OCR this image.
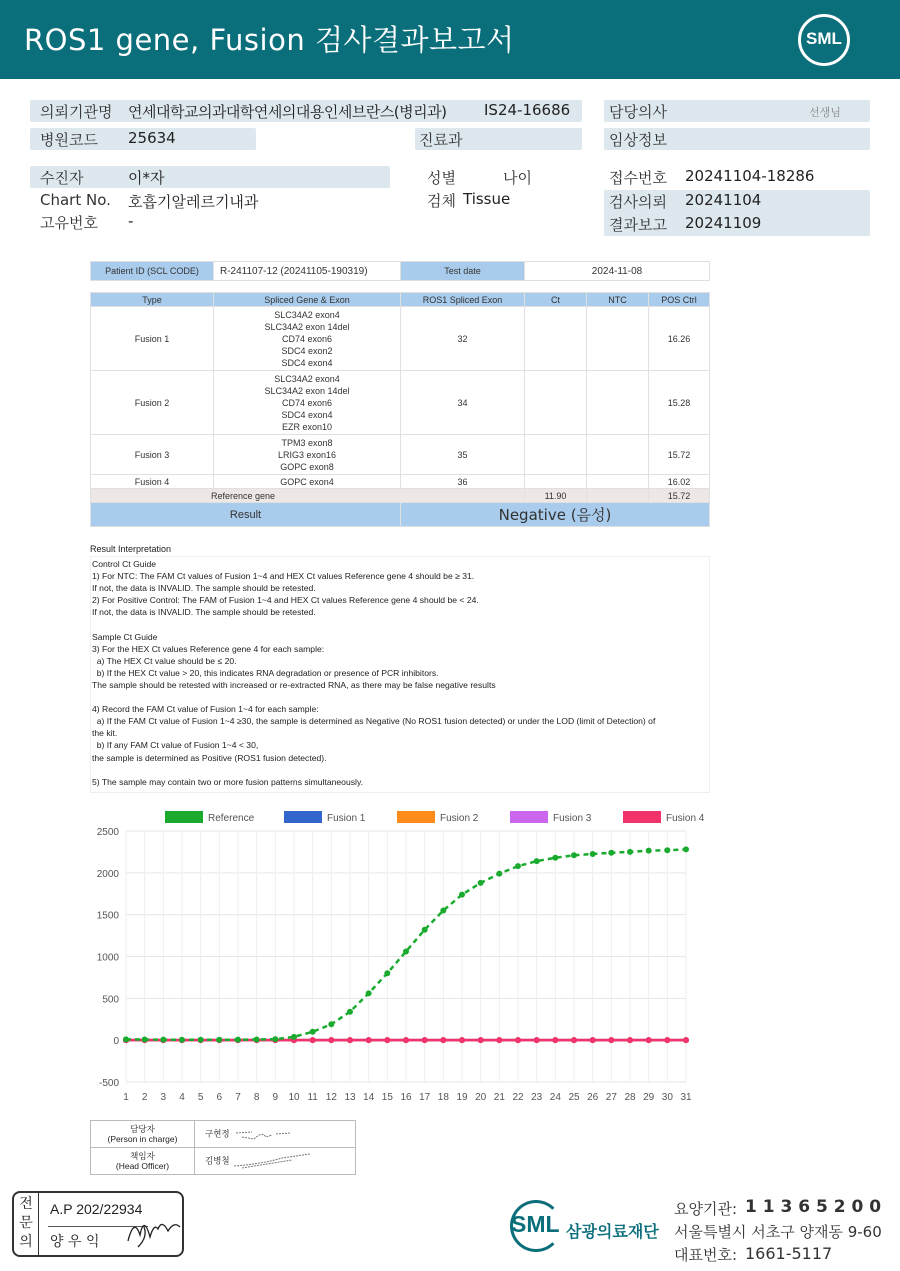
ROS1 gene, Fusion 검사결과보고서	SML
의뢰기관명 연세대학교의과대학연세의대용인세브란스(병리과)	IS24-16686	담당의사	선생님
병원코드 25634	진료과	임상정보
수진자	이*자	성별	나이	접수번호 20241104-18286
Chart No. 호흡기알레르기내과	검체 Tissue	검사의뢰 20241104
고유번호 -	결과보고 20241109
Patient ID (SCL CODE)	R-241107-12 (20241105-190319)	Test date	2024-11-08
Type	Spliced Gene & Exon	ROS1 Spliced Exon	Ct	NTC	POS Ctrl
Fusion 1	SLC34A2 exon4
SLC34A2 exon 14del
CD74 exon6
SDC4 exon2
SDC4 exon4	32			16.26
Fusion 2	SLC34A2 exon4
SLC34A2 exon 14del
CD74 exon6
SDC4 exon4
EZR exon10	34			15.28
Fusion 3	TPM3 exon8
LRIG3 exon16
GOPC exon8	35			15.72
Fusion 4	GOPC exon4	36			16.02
Reference gene			11.90		15.72
Result		Negative (음성)			
Result Interpretation
Control Ct Guide
1) For NTC: The FAM Ct values of Fusion 1~4 and HEX Ct values Reference gene 4 should be ≥ 31.
If not, the data is INVALID. The sample should be retested.
2) For Positive Control: The FAM of Fusion 1~4 and HEX Ct values Reference gene 4 should be < 24.
If not, the data is INVALID. The sample should be retested.

Sample Ct Guide
3) For the HEX Ct values Reference gene 4 for each sample:
a) The HEX Ct value should be ≤ 20.
b) If the HEX Ct value > 20, this indicates RNA degradation or presence of PCR inhibitors.
The sample should be retested with increased or re-extracted RNA, as there may be false negative results

4) Record the FAM Ct value of Fusion 1~4 for each sample:
a) If the FAM Ct value of Fusion 1~4 ≥30, the sample is determined as Negative (No ROS1 fusion detected) or under the LOD (limit of Detection) of
the kit.
b) If any FAM Ct value of Fusion 1~4 < 30,
the sample is determined as Positive (ROS1 fusion detected).

5) The sample may contain two or more fusion patterns simultaneously.
-500
0
500
1000
1500
2000
2500
1 2 3 4 5 6 7 8 9 10 11 12 13 14 15 16 17 18 19 20 21 22 23 24 25 26 27 28 29 30 31
Reference	Fusion 1	Fusion 2	Fusion 3	Fusion 4
담당자
(Person in charge)	구현정
책임자
(Head Officer)	김병철
전문의
A.P 202/22934
양 우 익
SML 삼광의료재단
요양기관: 1 1 3 6 5 2 0 0
서울특별시 서초구 양재동 9-60
대표번호: 1661-5117
